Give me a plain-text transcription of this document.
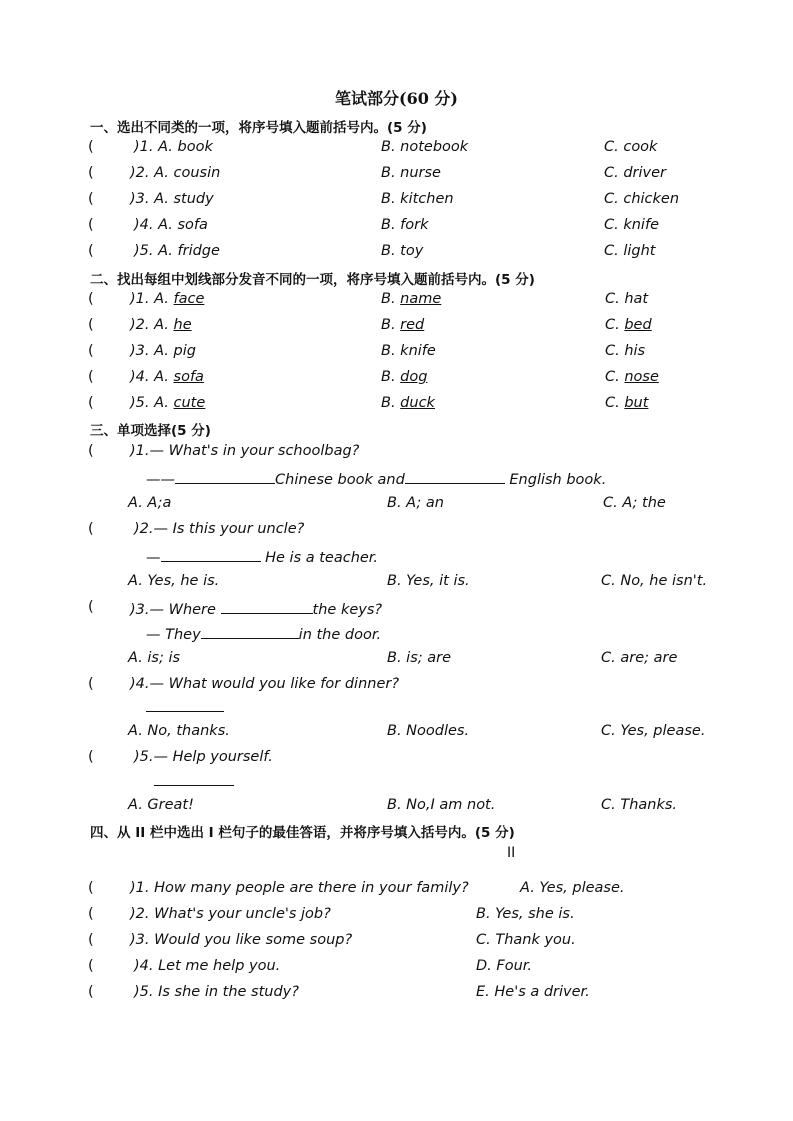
笔试部分(60 分)
一、选出不同类的一项，将序号填入题前括号内。(5 分)
(	)1. A. book	B. notebook	C. cook
(	)2. A. cousin	B. nurse	C. driver
(	)3. A. study	B. kitchen	C. chicken
(	)4. A. sofa	B. fork	C. knife
(	)5. A. fridge	B. toy	C. light
二、找出每组中划线部分发音不同的一项，将序号填入题前括号内。(5 分)
(	)1. A. face	B. name	C. hat
(	)2. A. he	B. red	C. bed
(	)3. A. pig	B. knife	C. his
(	)4. A. sofa	B. dog	C. nose
(	)5. A. cute	B. duck	C. but
三、单项选择(5 分)
(	)1.— What's in your schoolbag?
——	Chinese book and	English book.
A. A;a	B. A; an	C. A; the
(	)2.— Is this your uncle?
—	He is a teacher.
A. Yes, he is.	B. Yes, it is.	C. No, he isn't.
(	)3.— Where	the keys?
— They	in the door.
A. is; is	B. is; are	C. are; are
(	)4.— What would you like for dinner?
A. No, thanks.	B. Noodles.	C. Yes, please.
(	)5.— Help yourself.
A. Great!	B. No,I am not.	C. Thanks.
四、从 II 栏中选出 I 栏句子的最佳答语，并将序号填入括号内。(5 分)
II
(	)1. How many people are there in your family?	A. Yes, please.
(	)2. What's your uncle's job?	B. Yes, she is.
(	)3. Would you like some soup?	C. Thank you.
(	)4. Let me help you.	D. Four.
(	)5. Is she in the study?	E. He's a driver.
